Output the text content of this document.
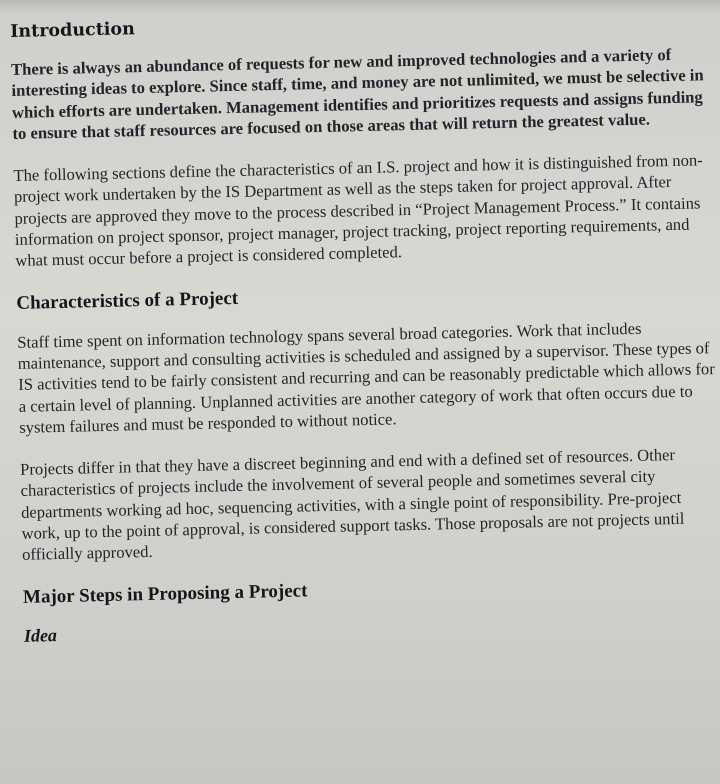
Introduction

There is always an abundance of requests for new and improved technologies and a variety of interesting ideas to explore. Since staff, time, and money are not unlimited, we must be selective in which efforts are undertaken. Management identifies and prioritizes requests and assigns funding to ensure that staff resources are focused on those areas that will return the greatest value.

The following sections define the characteristics of an I.S. project and how it is distinguished from non-project work undertaken by the IS Department as well as the steps taken for project approval. After projects are approved they move to the process described in “Project Management Process.” It contains information on project sponsor, project manager, project tracking, project reporting requirements, and what must occur before a project is considered completed.

Characteristics of a Project

Staff time spent on information technology spans several broad categories. Work that includes maintenance, support and consulting activities is scheduled and assigned by a supervisor. These types of IS activities tend to be fairly consistent and recurring and can be reasonably predictable which allows for a certain level of planning. Unplanned activities are another category of work that often occurs due to system failures and must be responded to without notice.

Projects differ in that they have a discreet beginning and end with a defined set of resources. Other characteristics of projects include the involvement of several people and sometimes several city departments working ad hoc, sequencing activities, with a single point of responsibility. Pre-project work, up to the point of approval, is considered support tasks. Those proposals are not projects until officially approved.

Major Steps in Proposing a Project
Idea
